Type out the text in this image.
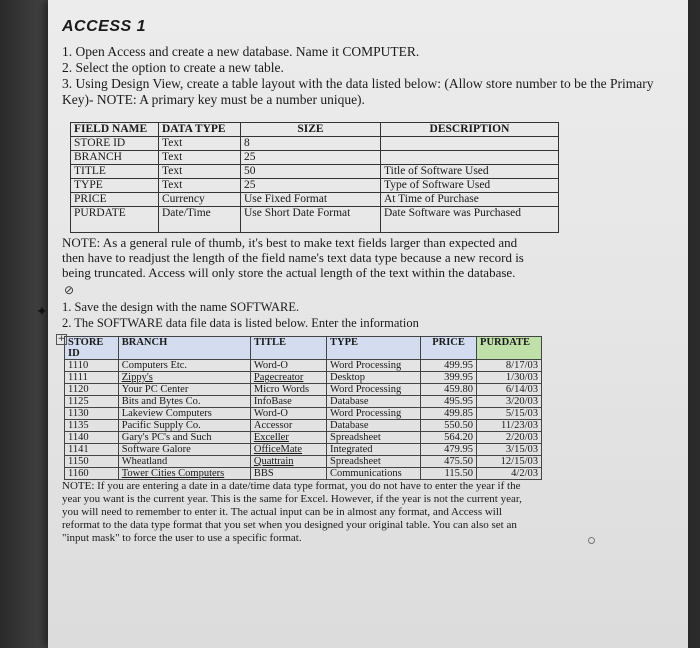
✦
ACCESS 1
1. Open Access and create a new database. Name it COMPUTER.
2. Select the option to create a new table.
3. Using Design View, create a table layout with the data listed below: (Allow store number to be the Primary Key)- NOTE: A primary key must be a number unique).
FIELD NAME	DATA TYPE	SIZE	DESCRIPTION
STORE ID	Text	8	
BRANCH	Text	25	
TITLE	Text	50	Title of Software Used
TYPE	Text	25	Type of Software Used
PRICE	Currency	Use Fixed Format	At Time of Purchase
PURDATE	Date/Time	Use Short Date Format	Date Software was Purchased
NOTE: As a general rule of thumb, it's best to make text fields larger than expected and then have to readjust the length of the field name's text data type because a new record is being truncated. Access will only store the actual length of the text within the database.
⊘
1. Save the design with the name SOFTWARE.
2. The SOFTWARE data file data is listed below. Enter the information
+ STORE ID	BRANCH	TITLE	TYPE	PRICE	PURDATE
1110	Computers Etc.	Word-O	Word Processing	499.95	8/17/03
1111	Zippy's	Pagecreator	Desktop	399.95	1/30/03
1120	Your PC Center	Micro Words	Word Processing	459.80	6/14/03
1125	Bits and Bytes Co.	InfoBase	Database	495.95	3/20/03
1130	Lakeview Computers	Word-O	Word Processing	499.85	5/15/03
1135	Pacific Supply Co.	Accessor	Database	550.50	11/23/03
1140	Gary's PC's and Such	Exceller	Spreadsheet	564.20	2/20/03
1141	Software Galore	OfficeMate	Integrated	479.95	3/15/03
1150	Wheatland	Quattrain	Spreadsheet	475.50	12/15/03
1160	Tower Cities Computers	BBS	Communications	115.50	4/2/03
NOTE: If you are entering a date in a date/time data type format, you do not have to enter the year if the year you want is the current year. This is the same for Excel. However, if the year is not the current year, you will need to remember to enter it. The actual input can be in almost any format, and Access will reformat to the data type format that you set when you designed your original table. You can also set an "input mask" to force the user to use a specific format.
